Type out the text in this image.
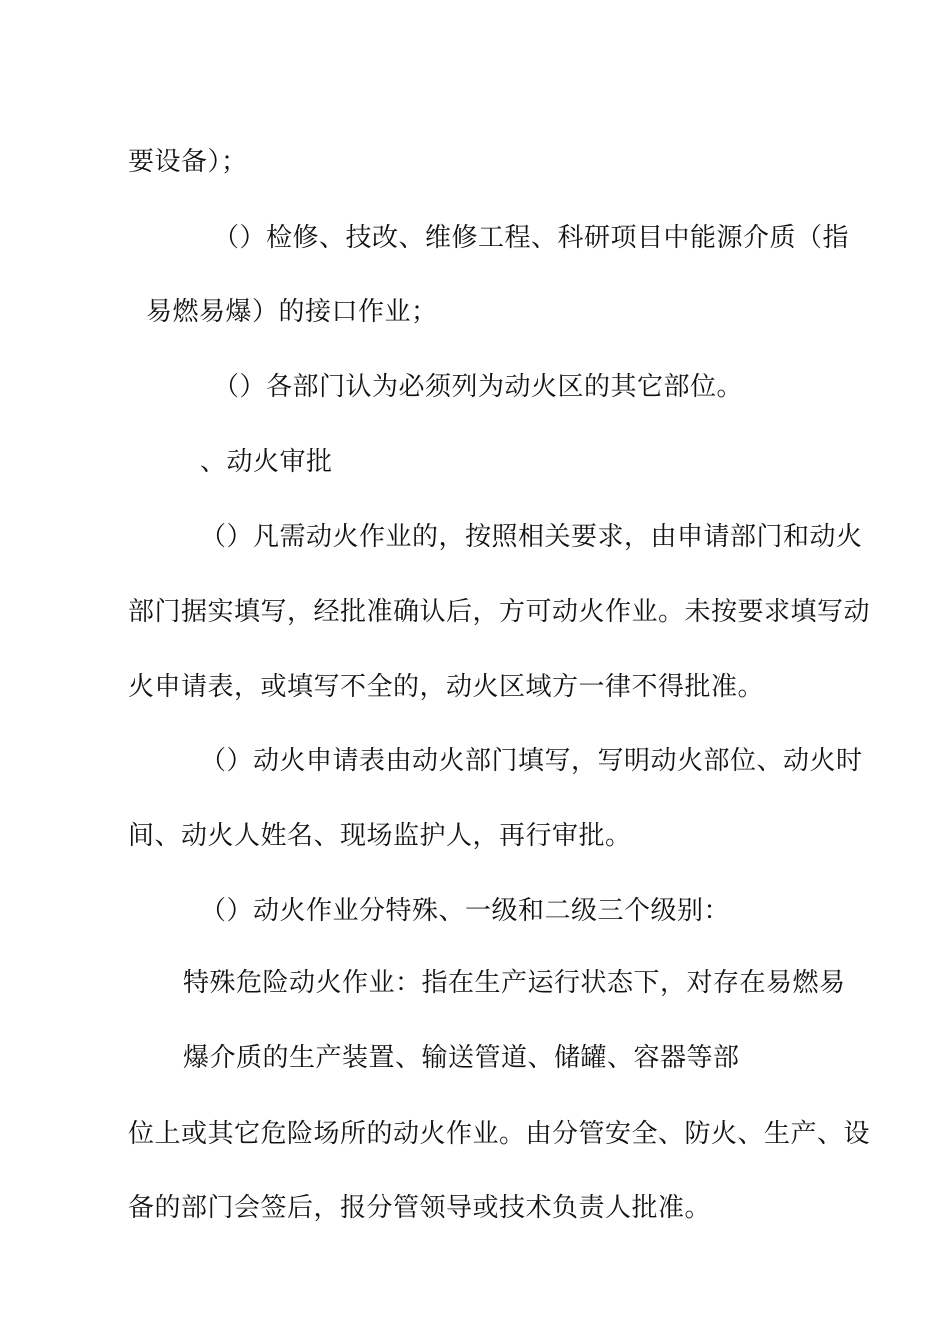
要设备）；
（）检修、技改、维修工程、科研项目中能源介质（指
易燃易爆）的接口作业；
（）各部门认为必须列为动火区的其它部位。
、动火审批
（）凡需动火作业的，按照相关要求，由申请部门和动火
部门据实填写，经批准确认后，方可动火作业。未按要求填写动
火申请表，或填写不全的，动火区域方一律不得批准。
（）动火申请表由动火部门填写，写明动火部位、动火时
间、动火人姓名、现场监护人，再行审批。
（）动火作业分特殊、一级和二级三个级别：
特殊危险动火作业：指在生产运行状态下，对存在易燃易
爆介质的生产装置、输送管道、储罐、容器等部
位上或其它危险场所的动火作业。由分管安全、防火、生产、设
备的部门会签后，报分管领导或技术负责人批准。
